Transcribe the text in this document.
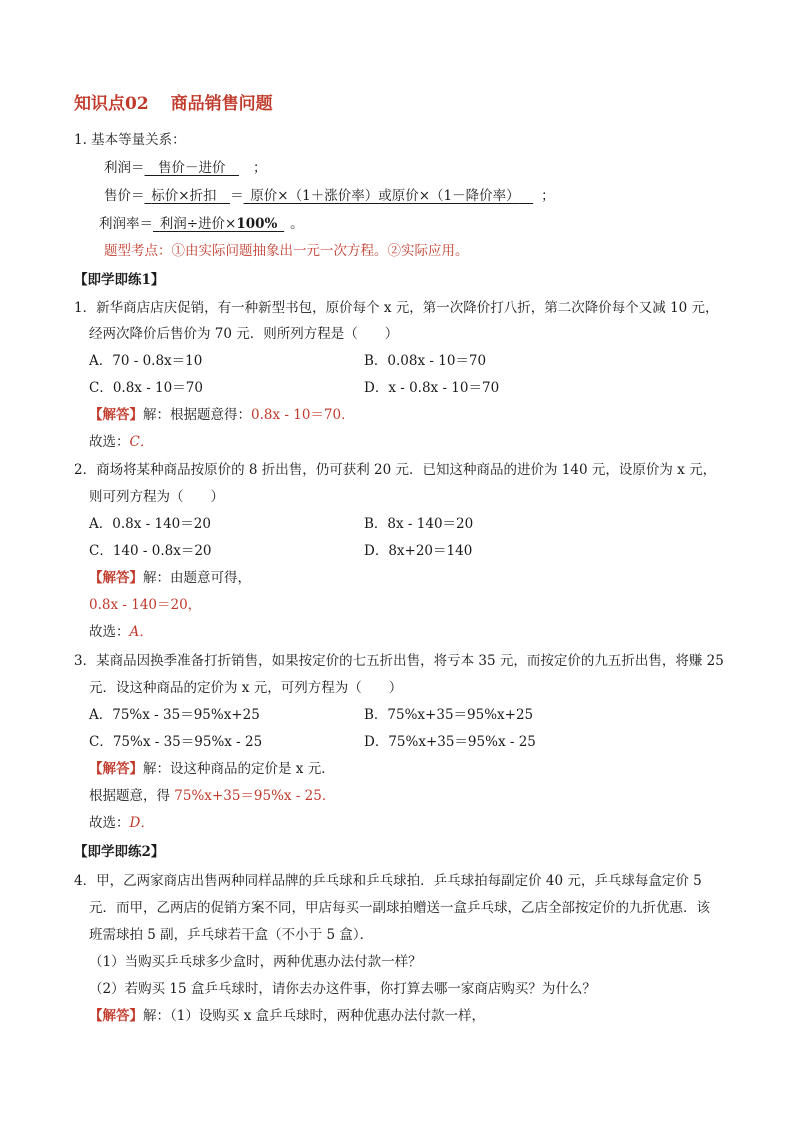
知识点02 商品销售问题
1. 基本等量关系：
利润＝  售价－进价  ；
售价＝  标价×折扣  ＝  原价×（1＋涨价率）或原价×（1－降价率）  ；
利润率＝  利润÷进价×100%  。
题型考点：①由实际问题抽象出一元一次方程。②实际应用。
【即学即练1】
1．新华商店店庆促销，有一种新型书包，原价每个 x 元，第一次降价打八折，第二次降价每个又减 10 元，
经两次降价后售价为 70 元．则所列方程是（　　）
A．70 - 0.8x＝10	B．0.08x - 10＝70
C．0.8x - 10＝70	D．x - 0.8x - 10＝70
【解答】解：根据题意得：0.8x - 10＝70．
故选：C．
2．商场将某种商品按原价的 8 折出售，仍可获利 20 元．已知这种商品的进价为 140 元，设原价为 x 元，
则可列方程为（　　）
A．0.8x - 140＝20	B．8x - 140＝20
C．140 - 0.8x＝20	D．8x+20＝140
【解答】解：由题意可得，
0.8x - 140＝20，
故选：A．
3．某商品因换季准备打折销售，如果按定价的七五折出售，将亏本 35 元，而按定价的九五折出售，将赚 25
元．设这种商品的定价为 x 元，可列方程为（　　）
A．75%x - 35＝95%x+25	B．75%x+35＝95%x+25
C．75%x - 35＝95%x - 25	D．75%x+35＝95%x - 25
【解答】解：设这种商品的定价是 x 元．
根据题意，得 75%x+35＝95%x - 25．
故选：D．
【即学即练2】
4．甲，乙两家商店出售两种同样品牌的乒乓球和乒乓球拍．乒乓球拍每副定价 40 元，乒乓球每盒定价 5
元．而甲，乙两店的促销方案不同，甲店每买一副球拍赠送一盒乒乓球，乙店全部按定价的九折优惠．该
班需球拍 5 副，乒乓球若干盒（不小于 5 盒）．
（1）当购买乒乓球多少盒时，两种优惠办法付款一样？
（2）若购买 15 盒乒乓球时，请你去办这件事，你打算去哪一家商店购买？为什么？
【解答】解：（1）设购买 x 盒乒乓球时，两种优惠办法付款一样，
